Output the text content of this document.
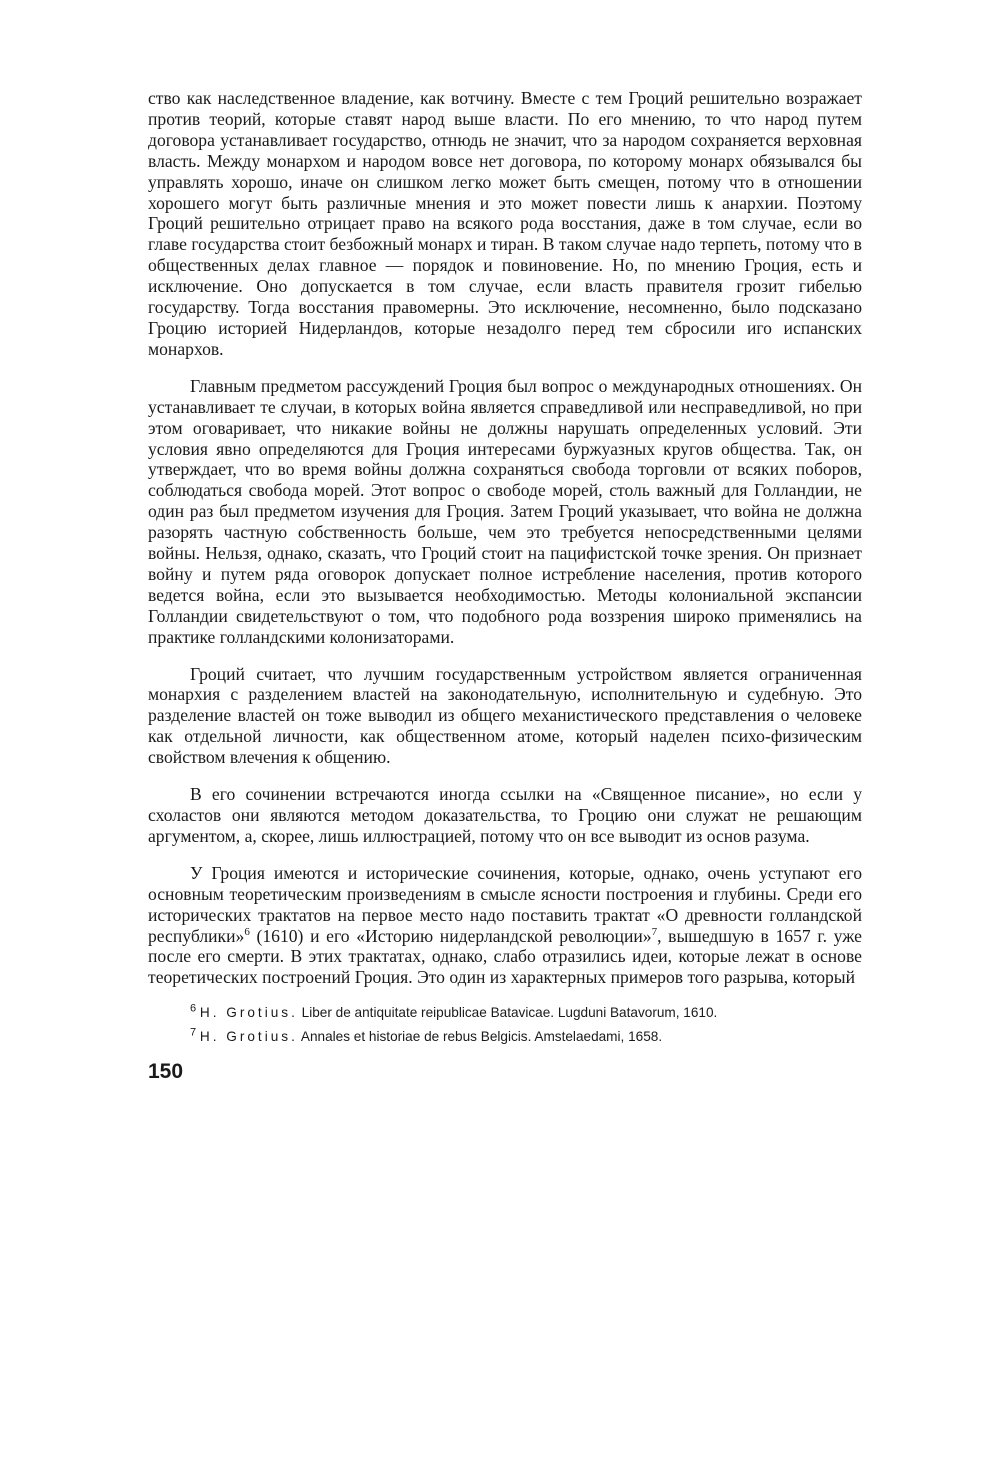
ство как наследственное владение, как вотчину. Вместе с тем Гроций решительно возражает против теорий, которые ставят народ выше власти. По его мнению, то что народ путем договора устанавливает государство, отнюдь не значит, что за народом сохраняется верховная власть. Между монархом и народом вовсе нет договора, по которому монарх обязывался бы управлять хорошо, иначе он слишком легко может быть смещен, потому что в отношении хорошего могут быть различные мнения и это может повести лишь к анархии. Поэтому Гроций решительно отрицает право на всякого рода восстания, даже в том случае, если во главе государства стоит безбожный монарх и тиран. В таком случае надо терпеть, потому что в общественных делах главное — порядок и повиновение. Но, по мнению Гроция, есть и исключение. Оно допускается в том случае, если власть правителя грозит гибелью государству. Тогда восстания правомерны. Это исключение, несомненно, было подсказано Гроцию историей Нидерландов, которые незадолго перед тем сбросили иго испанских монархов.

Главным предметом рассуждений Гроция был вопрос о международных отношениях. Он устанавливает те случаи, в которых война является справедливой или несправедливой, но при этом оговаривает, что никакие войны не должны нарушать определенных условий. Эти условия явно определяются для Гроция интересами буржуазных кругов общества. Так, он утверждает, что во время войны должна сохраняться свобода торговли от всяких поборов, соблюдаться свобода морей. Этот вопрос о свободе морей, столь важный для Голландии, не один раз был предметом изучения для Гроция. Затем Гроций указывает, что война не должна разорять частную собственность больше, чем это требуется непосредственными целями войны. Нельзя, однако, сказать, что Гроций стоит на пацифистской точке зрения. Он признает войну и путем ряда оговорок допускает полное истребление населения, против которого ведется война, если это вызывается необходимостью. Методы колониальной экспансии Голландии свидетельствуют о том, что подобного рода воззрения широко применялись на практике голландскими колонизаторами.

Гроций считает, что лучшим государственным устройством является ограниченная монархия с разделением властей на законодательную, исполнительную и судебную. Это разделение властей он тоже выводил из общего механистического представления о человеке как отдельной личности, как общественном атоме, который наделен психо-физическим свойством влечения к общению.

В его сочинении встречаются иногда ссылки на «Священное писание», но если у схоластов они являются методом доказательства, то Гроцию они служат не решающим аргументом, а, скорее, лишь иллюстрацией, потому что он все выводит из основ разума.

У Гроция имеются и исторические сочинения, которые, однако, очень уступают его основным теоретическим произведениям в смысле ясности построения и глубины. Среди его исторических трактатов на первое место надо поставить трактат «О древности голландской республики»$^6$ (1610) и его «Историю нидерландской революции»$^7$, вышедшую в 1657 г. уже после его смерти. В этих трактатах, однако, слабо отразились идеи, которые лежат в основе теоретических построений Гроция. Это один из характерных примеров того разрыва, который

$^6$ H. Grotius. Liber de antiquitate reipublicae Batavicae. Lugduni Batavorum, 1610.

$^7$ H. Grotius. Annales et historiae de rebus Belgicis. Amstelaedami, 1658.

150
